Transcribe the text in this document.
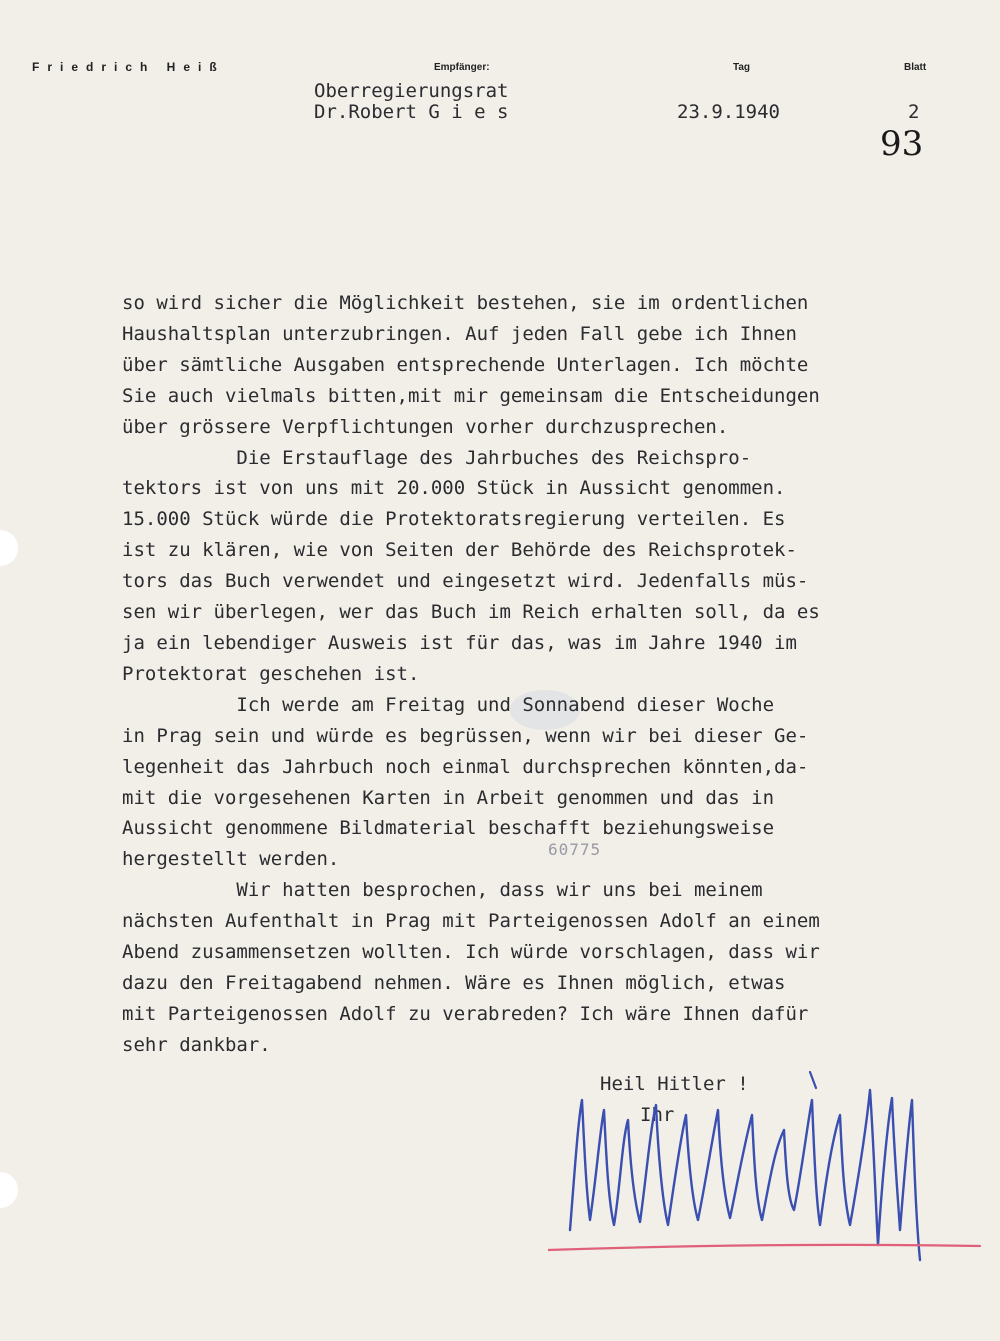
Friedrich Heiß	Empfänger:	Tag	Blatt
Oberregierungsrat
Dr.Robert G i e s	23.9.1940	2
93
so wird sicher die Möglichkeit bestehen, sie im ordentlichen
Haushaltsplan unterzubringen. Auf jeden Fall gebe ich Ihnen
über sämtliche Ausgaben entsprechende Unterlagen. Ich möchte
Sie auch vielmals bitten,mit mir gemeinsam die Entscheidungen
über grössere Verpflichtungen vorher durchzusprechen.
Die Erstauflage des Jahrbuches des Reichspro-
tektors ist von uns mit 20.000 Stück in Aussicht genommen.
15.000 Stück würde die Protektoratsregierung verteilen. Es
ist zu klären, wie von Seiten der Behörde des Reichsprotek-
tors das Buch verwendet und eingesetzt wird. Jedenfalls müs-
sen wir überlegen, wer das Buch im Reich erhalten soll, da es
ja ein lebendiger Ausweis ist für das, was im Jahre 1940 im
Protektorat geschehen ist.
Ich werde am Freitag und Sonnabend dieser Woche
in Prag sein und würde es begrüssen, wenn wir bei dieser Ge-
legenheit das Jahrbuch noch einmal durchsprechen könnten,da-
mit die vorgesehenen Karten in Arbeit genommen und das in
Aussicht genommene Bildmaterial beschafft beziehungsweise
hergestellt werden.
Wir hatten besprochen, dass wir uns bei meinem
nächsten Aufenthalt in Prag mit Parteigenossen Adolf an einem
Abend zusammensetzen wollten. Ich würde vorschlagen, dass wir
dazu den Freitagabend nehmen. Wäre es Ihnen möglich, etwas
mit Parteigenossen Adolf zu verabreden? Ich wäre Ihnen dafür
sehr dankbar.
60775
Heil Hitler !
Ihr
